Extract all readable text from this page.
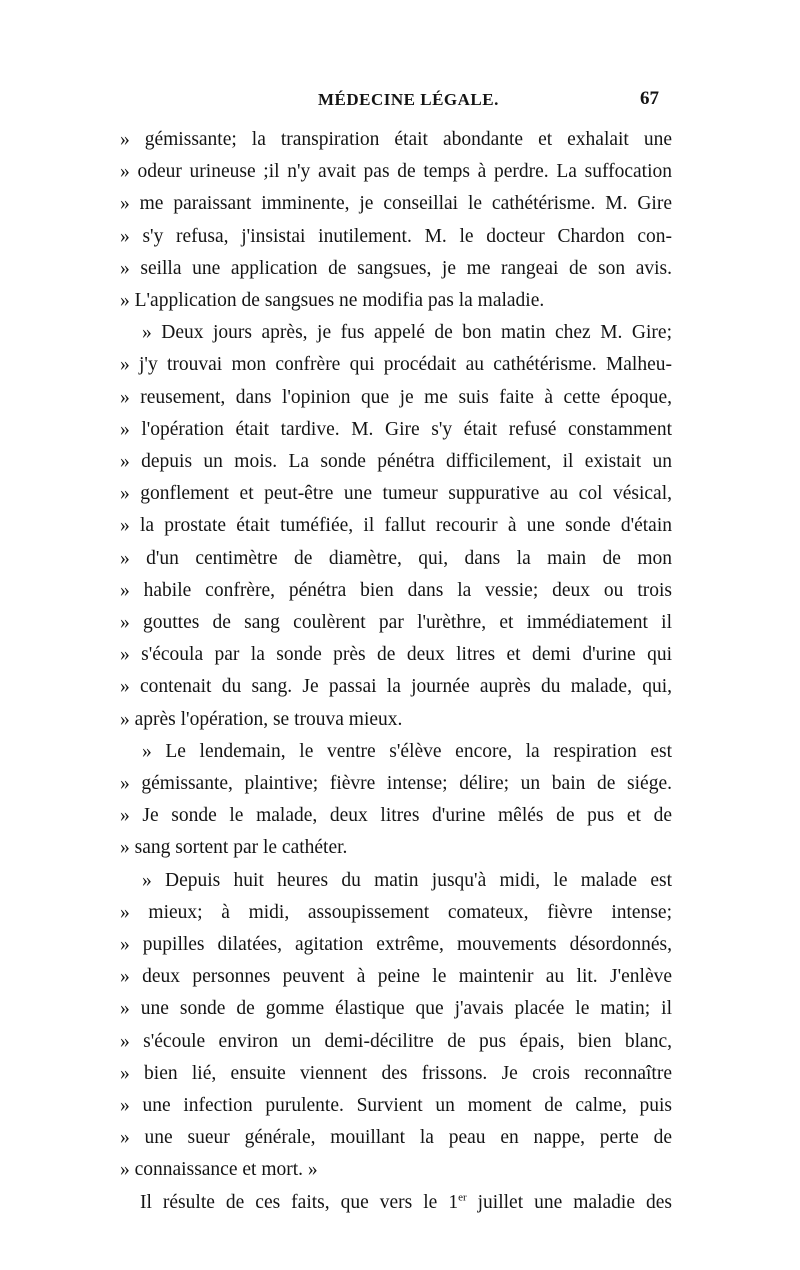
MÉDECINE LÉGALE.	67
» gémissante; la transpiration était abondante et exhalait une
» odeur urineuse ;il n'y avait pas de temps à perdre. La suffocation
» me paraissant imminente, je conseillai le cathétérisme. M. Gire
» s'y refusa, j'insistai inutilement. M. le docteur Chardon con-
» seilla une application de sangsues, je me rangeai de son avis.
» L'application de sangsues ne modifia pas la maladie.
» Deux jours après, je fus appelé de bon matin chez M. Gire;
» j'y trouvai mon confrère qui procédait au cathétérisme. Malheu-
» reusement, dans l'opinion que je me suis faite à cette époque,
» l'opération était tardive. M. Gire s'y était refusé constamment
» depuis un mois. La sonde pénétra difficilement, il existait un
» gonflement et peut-être une tumeur suppurative au col vésical,
» la prostate était tuméfiée, il fallut recourir à une sonde d'étain
» d'un centimètre de diamètre, qui, dans la main de mon
» habile confrère, pénétra bien dans la vessie; deux ou trois
» gouttes de sang coulèrent par l'urèthre, et immédiatement il
» s'écoula par la sonde près de deux litres et demi d'urine qui
» contenait du sang. Je passai la journée auprès du malade, qui,
» après l'opération, se trouva mieux.
» Le lendemain, le ventre s'élève encore, la respiration est
» gémissante, plaintive; fièvre intense; délire; un bain de siége.
» Je sonde le malade, deux litres d'urine mêlés de pus et de
» sang sortent par le cathéter.
» Depuis huit heures du matin jusqu'à midi, le malade est
» mieux; à midi, assoupissement comateux, fièvre intense;
» pupilles dilatées, agitation extrême, mouvements désordonnés,
» deux personnes peuvent à peine le maintenir au lit. J'enlève
» une sonde de gomme élastique que j'avais placée le matin; il
» s'écoule environ un demi-décilitre de pus épais, bien blanc,
» bien lié, ensuite viennent des frissons. Je crois reconnaître
» une infection purulente. Survient un moment de calme, puis
» une sueur générale, mouillant la peau en nappe, perte de
» connaissance et mort. »
Il résulte de ces faits, que vers le 1er juillet une maladie des
